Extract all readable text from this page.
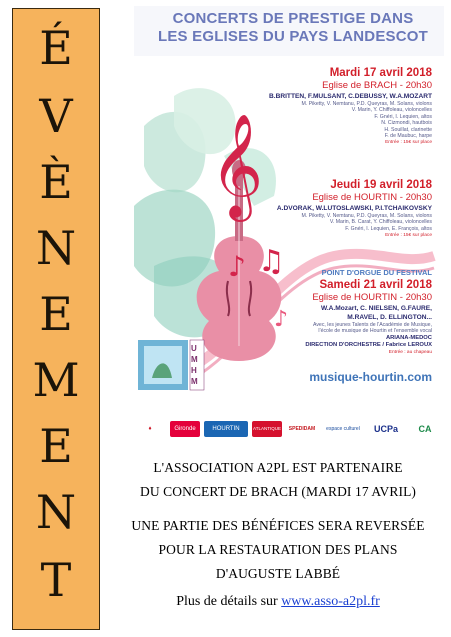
É
V
È
N
E
M
E
N
T
𝄞
♪ ♫
♪
CONCERTS DE PRESTIGE DANS
LES EGLISES DU PAYS LANDESCOT
Mardi 17 avril 2018
Eglise de BRACH - 20h30
B.BRITTEN, F.MULSANT, C.DEBUSSY, W.A.MOZART
M. Piketty, V. Nemtanu, P.D. Queyras, M. Solans, violons
V. Marin, Y. Chiffoleau, violoncelles
F. Gnéri, I. Lequien, altos
N. Cizmondi, hautbois
H. Souillat, clarinette
F. de Maubuc, harpe
Entrée : 15€ sur place
Jeudi 19 avril 2018
Eglise de HOURTIN - 20h30
A.DVORAK, W.LUTOSLAWSKI, P.I.TCHAIKOVSKY
M. Piketty, V. Nemtanu, P.D. Queyras, M. Solans, violons
V. Marin, B. Carat, Y. Chiffoleau, violoncelles
F. Gnéri, I. Lequien, E. François, altos
Entrée : 15€ sur place
POINT D'ORGUE DU FESTIVAL
Samedi 21 avril 2018
Eglise de HOURTIN - 20h30
W.A.Mozart, C. NIELSEN, G.FAURE,
M.RAVEL, D. ELLINGTON...
Avec, les jeunes Talents de l'Académie de Musique,
l'école de musique de Hourtin et l'ensemble vocal
ARIANA-MEDOC
DIRECTION D'ORCHESTRE / Fabrice LEROUX
Entrée : au chapeau
UMHM	musique-hourtin.com
♦	Gironde	HOURTIN	ATLANTIQUE	SPEDIDAM	espace culturel	UCPa	CA
L'ASSOCIATION A2PL EST PARTENAIRE
DU CONCERT DE BRACH (MARDI 17 AVRIL)
UNE PARTIE DES BÉNÉFICES SERA REVERSÉE
POUR LA RESTAURATION DES PLANS
D'AUGUSTE LABBÉ
Plus de détails sur www.asso-a2pl.fr
